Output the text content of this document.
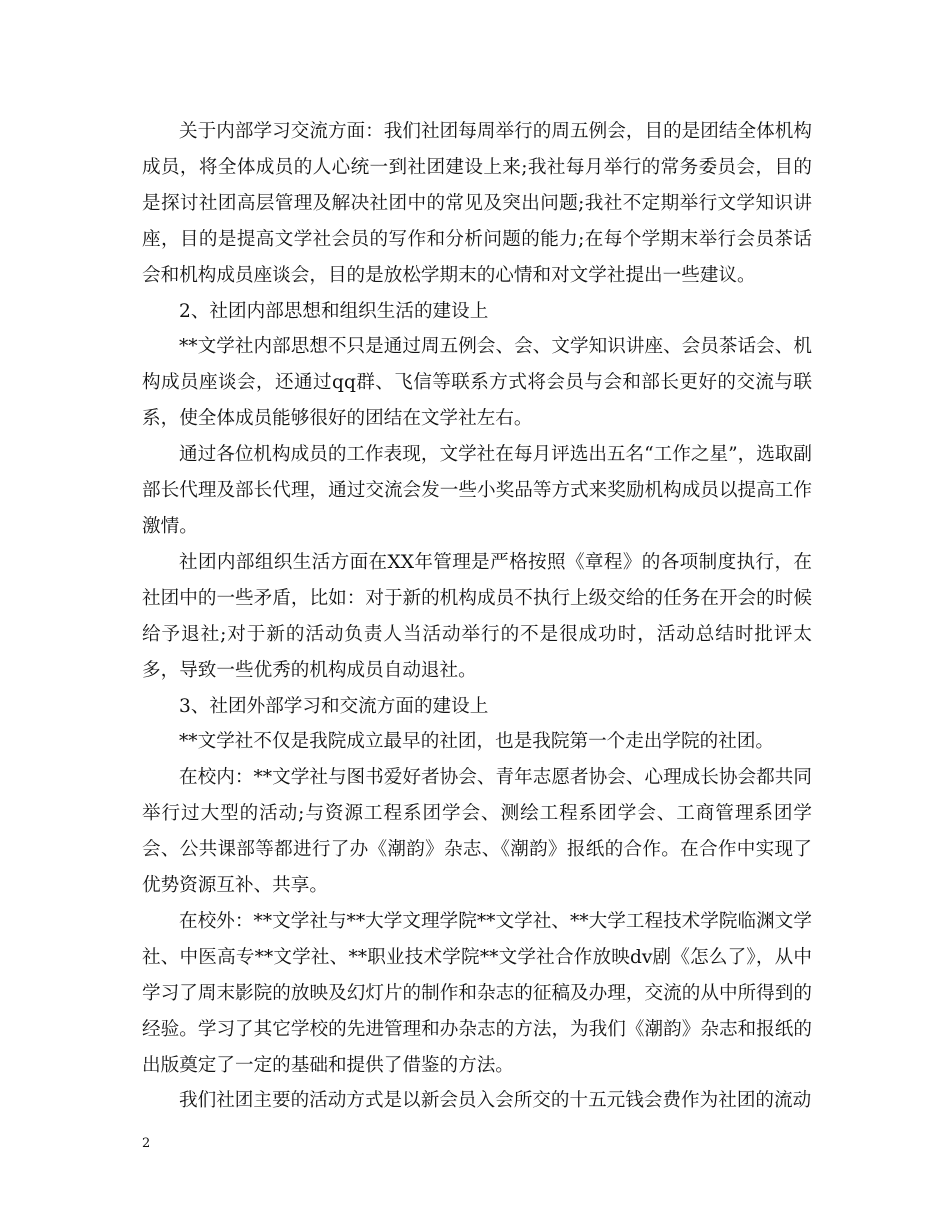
关于内部学习交流方面：我们社团每周举行的周五例会，目的是团结全体机构成员，将全体成员的人心统一到社团建设上来;我社每月举行的常务委员会，目的是探讨社团高层管理及解决社团中的常见及突出问题;我社不定期举行文学知识讲座，目的是提高文学社会员的写作和分析问题的能力;在每个学期末举行会员茶话会和机构成员座谈会，目的是放松学期末的心情和对文学社提出一些建议。

2、社团内部思想和组织生活的建设上

**文学社内部思想不只是通过周五例会、会、文学知识讲座、会员茶话会、机构成员座谈会，还通过qq群、飞信等联系方式将会员与会和部长更好的交流与联系，使全体成员能够很好的团结在文学社左右。

通过各位机构成员的工作表现，文学社在每月评选出五名“工作之星”，选取副部长代理及部长代理，通过交流会发一些小奖品等方式来奖励机构成员以提高工作激情。

社团内部组织生活方面在XX年管理是严格按照《章程》的各项制度执行，在社团中的一些矛盾，比如：对于新的机构成员不执行上级交给的任务在开会的时候给予退社;对于新的活动负责人当活动举行的不是很成功时，活动总结时批评太多，导致一些优秀的机构成员自动退社。

3、社团外部学习和交流方面的建设上

**文学社不仅是我院成立最早的社团，也是我院第一个走出学院的社团。

在校内：**文学社与图书爱好者协会、青年志愿者协会、心理成长协会都共同举行过大型的活动;与资源工程系团学会、测绘工程系团学会、工商管理系团学会、公共课部等都进行了办《潮韵》杂志、《潮韵》报纸的合作。在合作中实现了优势资源互补、共享。

在校外：**文学社与**大学文理学院**文学社、**大学工程技术学院临渊文学社、中医高专**文学社、**职业技术学院**文学社合作放映dv剧《怎么了》，从中学习了周末影院的放映及幻灯片的制作和杂志的征稿及办理，交流的从中所得到的经验。学习了其它学校的先进管理和办杂志的方法，为我们《潮韵》杂志和报纸的出版奠定了一定的基础和提供了借鉴的方法。

我们社团主要的活动方式是以新会员入会所交的十五元钱会费作为社团的流动

2
